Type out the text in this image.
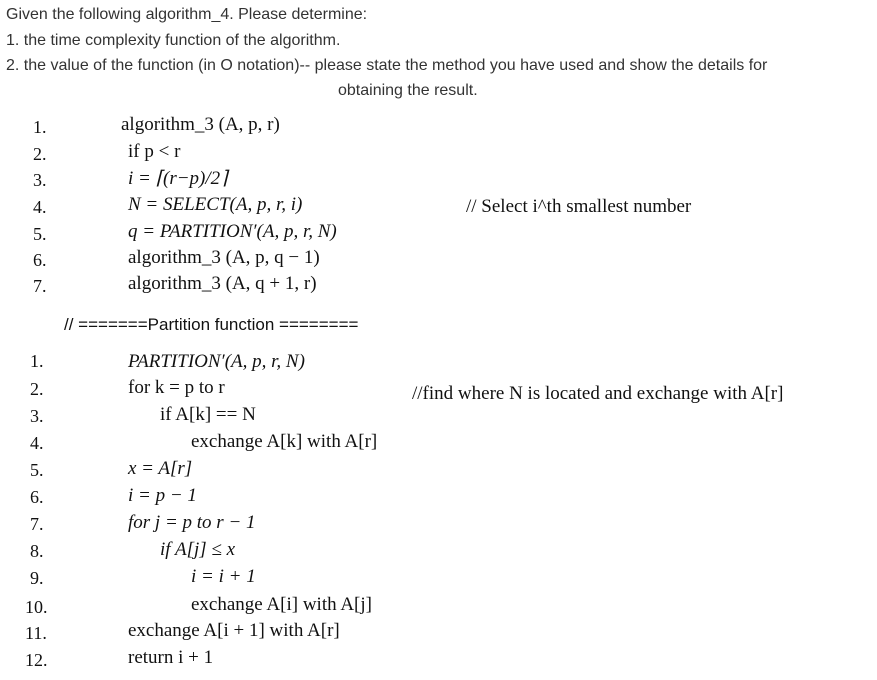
Given the following algorithm_4. Please determine:
1. the time complexity function of the algorithm.
2. the value of the function (in O notation)-- please state the method you have used and show the details for
obtaining the result.
1.
2.
3.
4.
5.
6.
7.
algorithm_3 (A, p, r)
if p < r
i = ⌈(r−p)/2⌉
N = SELECT(A, p, r, i)
q = PARTITION′(A, p, r, N)
algorithm_3 (A, p, q − 1)
algorithm_3 (A, q + 1, r)
// Select i^th smallest number
// =======Partition function ========
1.
2.
3.
4.
5.
6.
7.
8.
9.
10.
11.
12.
PARTITION′(A, p, r, N)
for k = p to r
if A[k] == N
exchange A[k] with A[r]
x = A[r]
i = p − 1
for j = p to r − 1
if A[j] ≤ x
i = i + 1
exchange A[i] with A[j]
exchange A[i + 1] with A[r]
return i + 1
//find where N is located and exchange with A[r]
